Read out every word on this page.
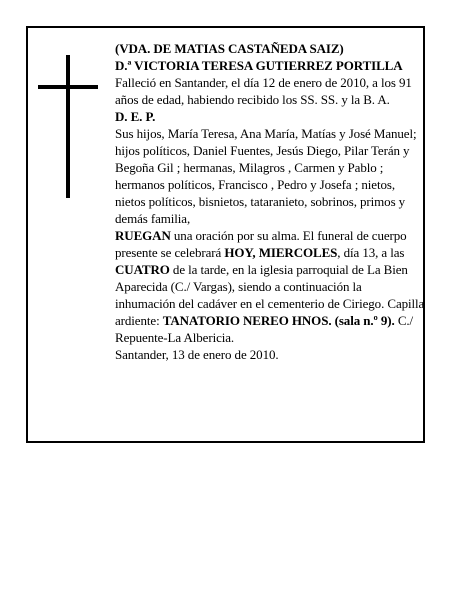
(VDA. DE MATIAS CASTAÑEDA SAIZ)

D.ª VICTORIA TERESA GUTIERREZ PORTILLA

Falleció en Santander, el día 12 de enero de 2010, a los 91 años de edad, habiendo recibido los SS. SS. y la B. A.

D. E. P.

Sus hijos, María Teresa, Ana María, Matías y José Manuel; hijos políticos, Daniel Fuentes, Jesús Diego, Pilar Terán y Begoña Gil ; hermanas, Milagros , Carmen y Pablo ; hermanos políticos, Francisco , Pedro y Josefa ; nietos, nietos políticos, bisnietos, tataranieto, sobrinos, primos y demás familia,

RUEGAN una oración por su alma. El funeral de cuerpo presente se celebrará HOY, MIERCOLES, día 13, a las CUATRO de la tarde, en la iglesia parroquial de La Bien Aparecida (C./ Vargas), siendo a continuación la inhumación del cadáver en el cementerio de Ciriego. Capilla ardiente: TANATORIO NEREO HNOS. (sala n.º 9). C./ Repuente-La Albericia.

Santander, 13 de enero de 2010.
